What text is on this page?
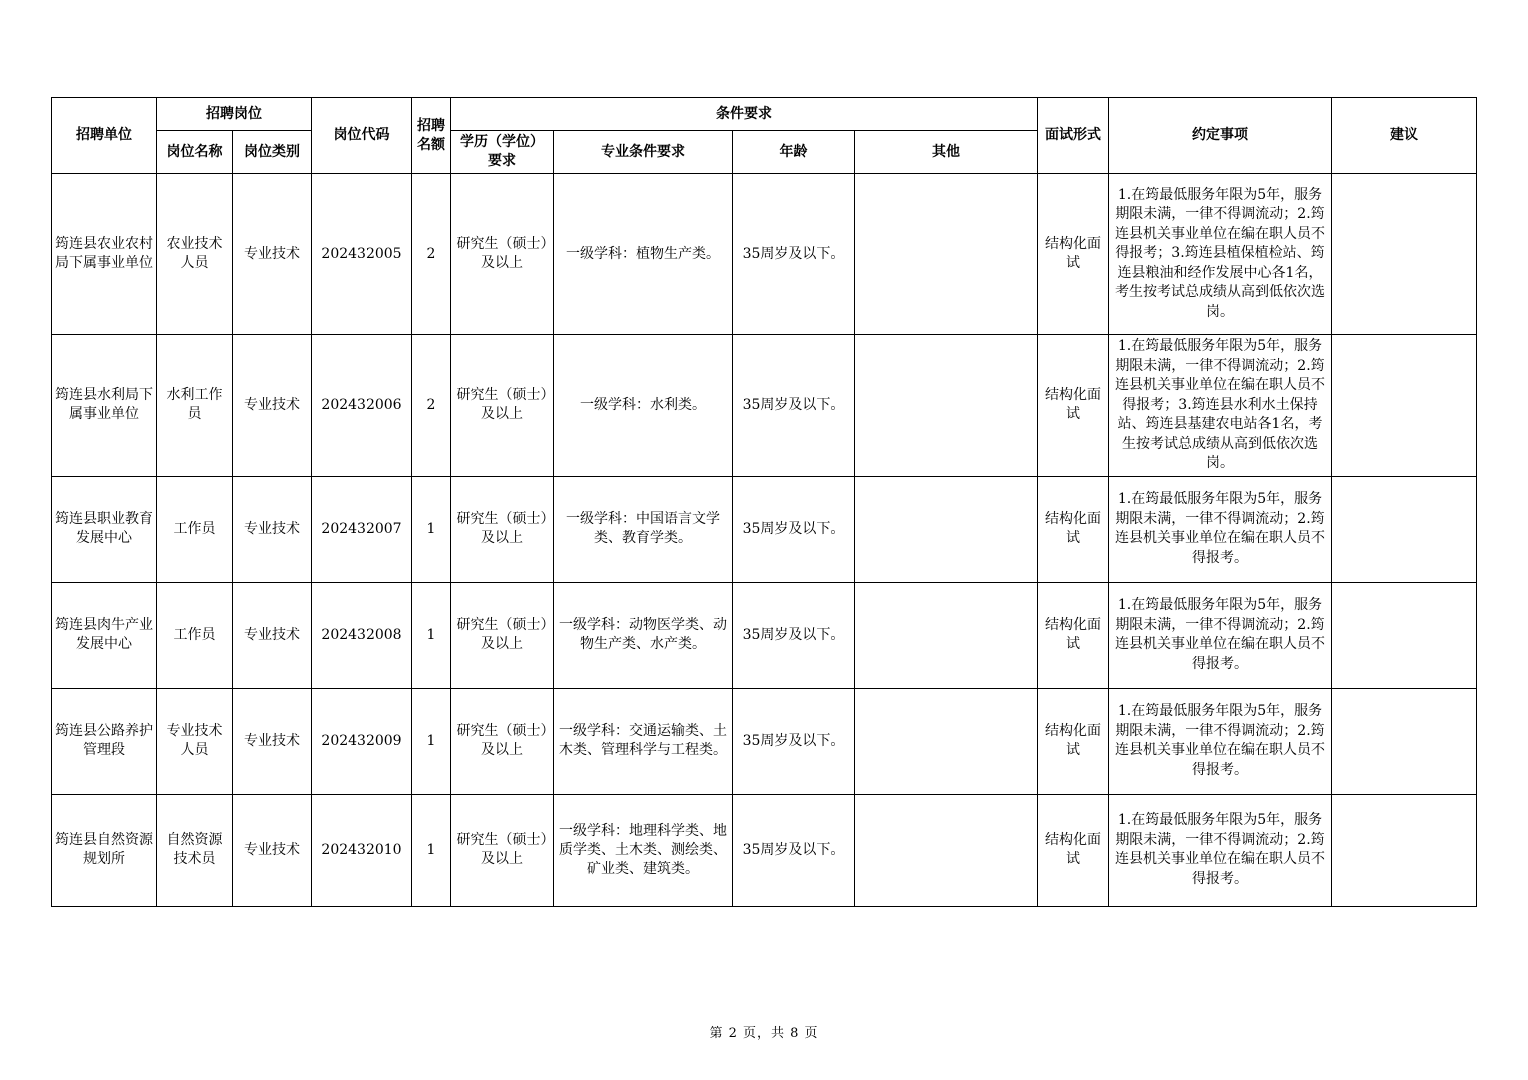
招聘单位	招聘岗位		岗位代码	招聘名额	条件要求				面试形式	约定事项	建议
	岗位名称	岗位类别			学历（学位）要求	专业条件要求	年龄	其他			
筠连县农业农村局下属事业单位	农业技术人员	专业技术	202432005	2	研究生（硕士）及以上	一级学科：植物生产类。	35周岁及以下。		结构化面试	1.在筠最低服务年限为5年，服务期限未满，一律不得调流动；2.筠连县机关事业单位在编在职人员不得报考；3.筠连县植保植检站、筠连县粮油和经作发展中心各1名，考生按考试总成绩从高到低依次选岗。	
筠连县水利局下属事业单位	水利工作员	专业技术	202432006	2	研究生（硕士）及以上	一级学科：水利类。	35周岁及以下。		结构化面试	1.在筠最低服务年限为5年，服务期限未满，一律不得调流动；2.筠连县机关事业单位在编在职人员不得报考；3.筠连县水利水土保持站、筠连县基建农电站各1名，考生按考试总成绩从高到低依次选岗。	
筠连县职业教育发展中心	工作员	专业技术	202432007	1	研究生（硕士）及以上	一级学科：中国语言文学类、教育学类。	35周岁及以下。		结构化面试	1.在筠最低服务年限为5年，服务期限未满，一律不得调流动；2.筠连县机关事业单位在编在职人员不得报考。	
筠连县肉牛产业发展中心	工作员	专业技术	202432008	1	研究生（硕士）及以上	一级学科：动物医学类、动物生产类、水产类。	35周岁及以下。		结构化面试	1.在筠最低服务年限为5年，服务期限未满，一律不得调流动；2.筠连县机关事业单位在编在职人员不得报考。	
筠连县公路养护管理段	专业技术人员	专业技术	202432009	1	研究生（硕士）及以上	一级学科：交通运输类、土木类、管理科学与工程类。	35周岁及以下。		结构化面试	1.在筠最低服务年限为5年，服务期限未满，一律不得调流动；2.筠连县机关事业单位在编在职人员不得报考。	
筠连县自然资源规划所	自然资源技术员	专业技术	202432010	1	研究生（硕士）及以上	一级学科：地理科学类、地质学类、土木类、测绘类、矿业类、建筑类。	35周岁及以下。		结构化面试	1.在筠最低服务年限为5年，服务期限未满，一律不得调流动；2.筠连县机关事业单位在编在职人员不得报考。	
第 2 页，共 8 页
